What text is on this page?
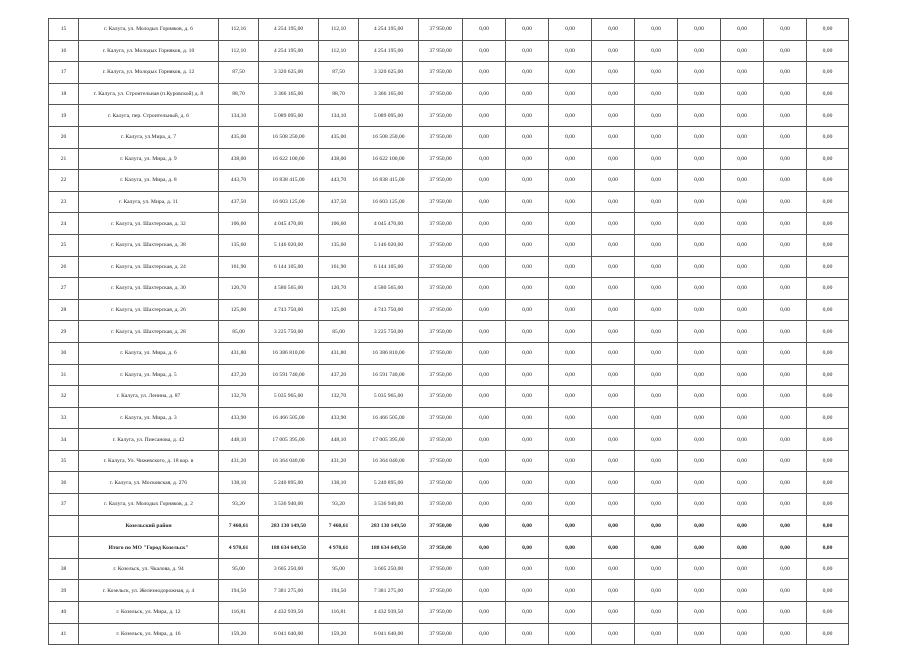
15	г. Калуга, ул. Молодых Горняков, д. 6	112,16	4 254 195,00	112,10	4 254 195,00	37 950,00	0,00	0,00	0,00	0,00	0,00	0,00	0,00	0,00	0,00
16	г. Калуга, ул. Молодых Горняков, д. 10	112,10	4 254 195,00	112,10	4 254 195,00	37 950,00	0,00	0,00	0,00	0,00	0,00	0,00	0,00	0,00	0,00
17	г. Калуга, ул. Молодых Горняков, д. 12	87,50	3 320 625,00	87,50	3 320 625,00	37 950,00	0,00	0,00	0,00	0,00	0,00	0,00	0,00	0,00	0,00
18	г. Калуга, ул. Строительная (п.Куровской) д. 8	88,70	3 366 165,00	88,70	3 366 165,00	37 950,00	0,00	0,00	0,00	0,00	0,00	0,00	0,00	0,00	0,00
19	г. Калуга, пер. Строительный, д. 6	134,10	5 089 095,00	134,10	5 089 095,00	37 950,00	0,00	0,00	0,00	0,00	0,00	0,00	0,00	0,00	0,00
20	г. Калуга, ул.Мира, д. 7	435,00	16 508 250,00	435,00	16 508 250,00	37 950,00	0,00	0,00	0,00	0,00	0,00	0,00	0,00	0,00	0,00
21	г. Калуга, ул. Мира, д. 9	438,00	16 622 100,00	438,00	16 622 100,00	37 950,00	0,00	0,00	0,00	0,00	0,00	0,00	0,00	0,00	0,00
22	г. Калуга, ул. Мира, д. 8	443,70	16 838 415,00	443,70	16 838 415,00	37 950,00	0,00	0,00	0,00	0,00	0,00	0,00	0,00	0,00	0,00
23	г. Калуга, ул. Мира, д. 11	437,50	16 603 125,00	437,50	16 603 125,00	37 950,00	0,00	0,00	0,00	0,00	0,00	0,00	0,00	0,00	0,00
24	г. Калуга, ул. Шахтерская, д. 32	106,60	4 045 470,00	106,60	4 045 470,00	37 950,00	0,00	0,00	0,00	0,00	0,00	0,00	0,00	0,00	0,00
25	г. Калуга, ул. Шахтерская, д. 38	135,60	5 146 020,00	135,60	5 146 020,00	37 950,00	0,00	0,00	0,00	0,00	0,00	0,00	0,00	0,00	0,00
26	г. Калуга, ул. Шахтерская, д. 24	161,90	6 144 105,00	161,90	6 144 105,00	37 950,00	0,00	0,00	0,00	0,00	0,00	0,00	0,00	0,00	0,00
27	г. Калуга, ул. Шахтерская, д. 30	120,70	4 580 565,00	120,70	4 580 565,00	37 950,00	0,00	0,00	0,00	0,00	0,00	0,00	0,00	0,00	0,00
28	г. Калуга, ул. Шахтерская, д. 26	125,00	4 743 750,00	125,00	4 743 750,00	37 950,00	0,00	0,00	0,00	0,00	0,00	0,00	0,00	0,00	0,00
29	г. Калуга, ул. Шахтерская, д. 28	85,00	3 225 750,00	85,00	3 225 750,00	37 950,00	0,00	0,00	0,00	0,00	0,00	0,00	0,00	0,00	0,00
30	г. Калуга, ул. Мира, д. 6	431,80	16 386 810,00	431,80	16 386 810,00	37 950,00	0,00	0,00	0,00	0,00	0,00	0,00	0,00	0,00	0,00
31	г. Калуга, ул. Мира, д. 5	437,20	16 591 740,00	437,20	16 591 740,00	37 950,00	0,00	0,00	0,00	0,00	0,00	0,00	0,00	0,00	0,00
32	г. Калуга, ул. Ленина, д. 87	132,70	5 035 965,00	132,70	5 035 965,00	37 950,00	0,00	0,00	0,00	0,00	0,00	0,00	0,00	0,00	0,00
33	г. Калуга, ул. Мира, д. 3	433,90	16 466 505,00	433,90	16 466 505,00	37 950,00	0,00	0,00	0,00	0,00	0,00	0,00	0,00	0,00	0,00
34	г. Калуга, ул. Пиесанова, д. 42	448,10	17 005 395,00	448,10	17 005 395,00	37 950,00	0,00	0,00	0,00	0,00	0,00	0,00	0,00	0,00	0,00
35	г. Калуга, Ул. Чижевского, д. 18 кор. в	431,20	16 364 040,00	431,20	16 364 040,00	37 950,00	0,00	0,00	0,00	0,00	0,00	0,00	0,00	0,00	0,00
36	г. Калуга, ул. Московская, д. 276	138,10	5 240 895,00	138,10	5 240 895,00	37 950,00	0,00	0,00	0,00	0,00	0,00	0,00	0,00	0,00	0,00
37	г. Калуга, ул. Молодых Горняков, д. 2	93,20	3 536 940,00	93,20	3 536 940,00	37 950,00	0,00	0,00	0,00	0,00	0,00	0,00	0,00	0,00	0,00
	Козельский район	7 460,61	283 130 149,50	7 460,61	283 130 149,50	37 950,00	0,00	0,00	0,00	0,00	0,00	0,00	0,00	0,00	0,00
	Итого по МО "Город Козельск"	4 970,61	188 634 649,50	4 970,61	188 634 649,50	37 950,00	0,00	0,00	0,00	0,00	0,00	0,00	0,00	0,00	0,00
38	г. Козельск, ул. Чкалова, д. 94	95,00	3 605 250,00	95,00	3 605 250,00	37 950,00	0,00	0,00	0,00	0,00	0,00	0,00	0,00	0,00	0,00
39	г. Козельск, ул. Железнодорожная, д. 4	194,50	7 381 275,00	194,50	7 381 275,00	37 950,00	0,00	0,00	0,00	0,00	0,00	0,00	0,00	0,00	0,00
40	г. Козельск, ул. Мира, д. 12	116,81	4 432 939,50	116,81	4 432 939,50	37 950,00	0,00	0,00	0,00	0,00	0,00	0,00	0,00	0,00	0,00
41	г. Козельск, ул. Мира, д. 16	159,20	6 041 640,00	159,20	6 041 640,00	37 950,00	0,00	0,00	0,00	0,00	0,00	0,00	0,00	0,00	0,00
